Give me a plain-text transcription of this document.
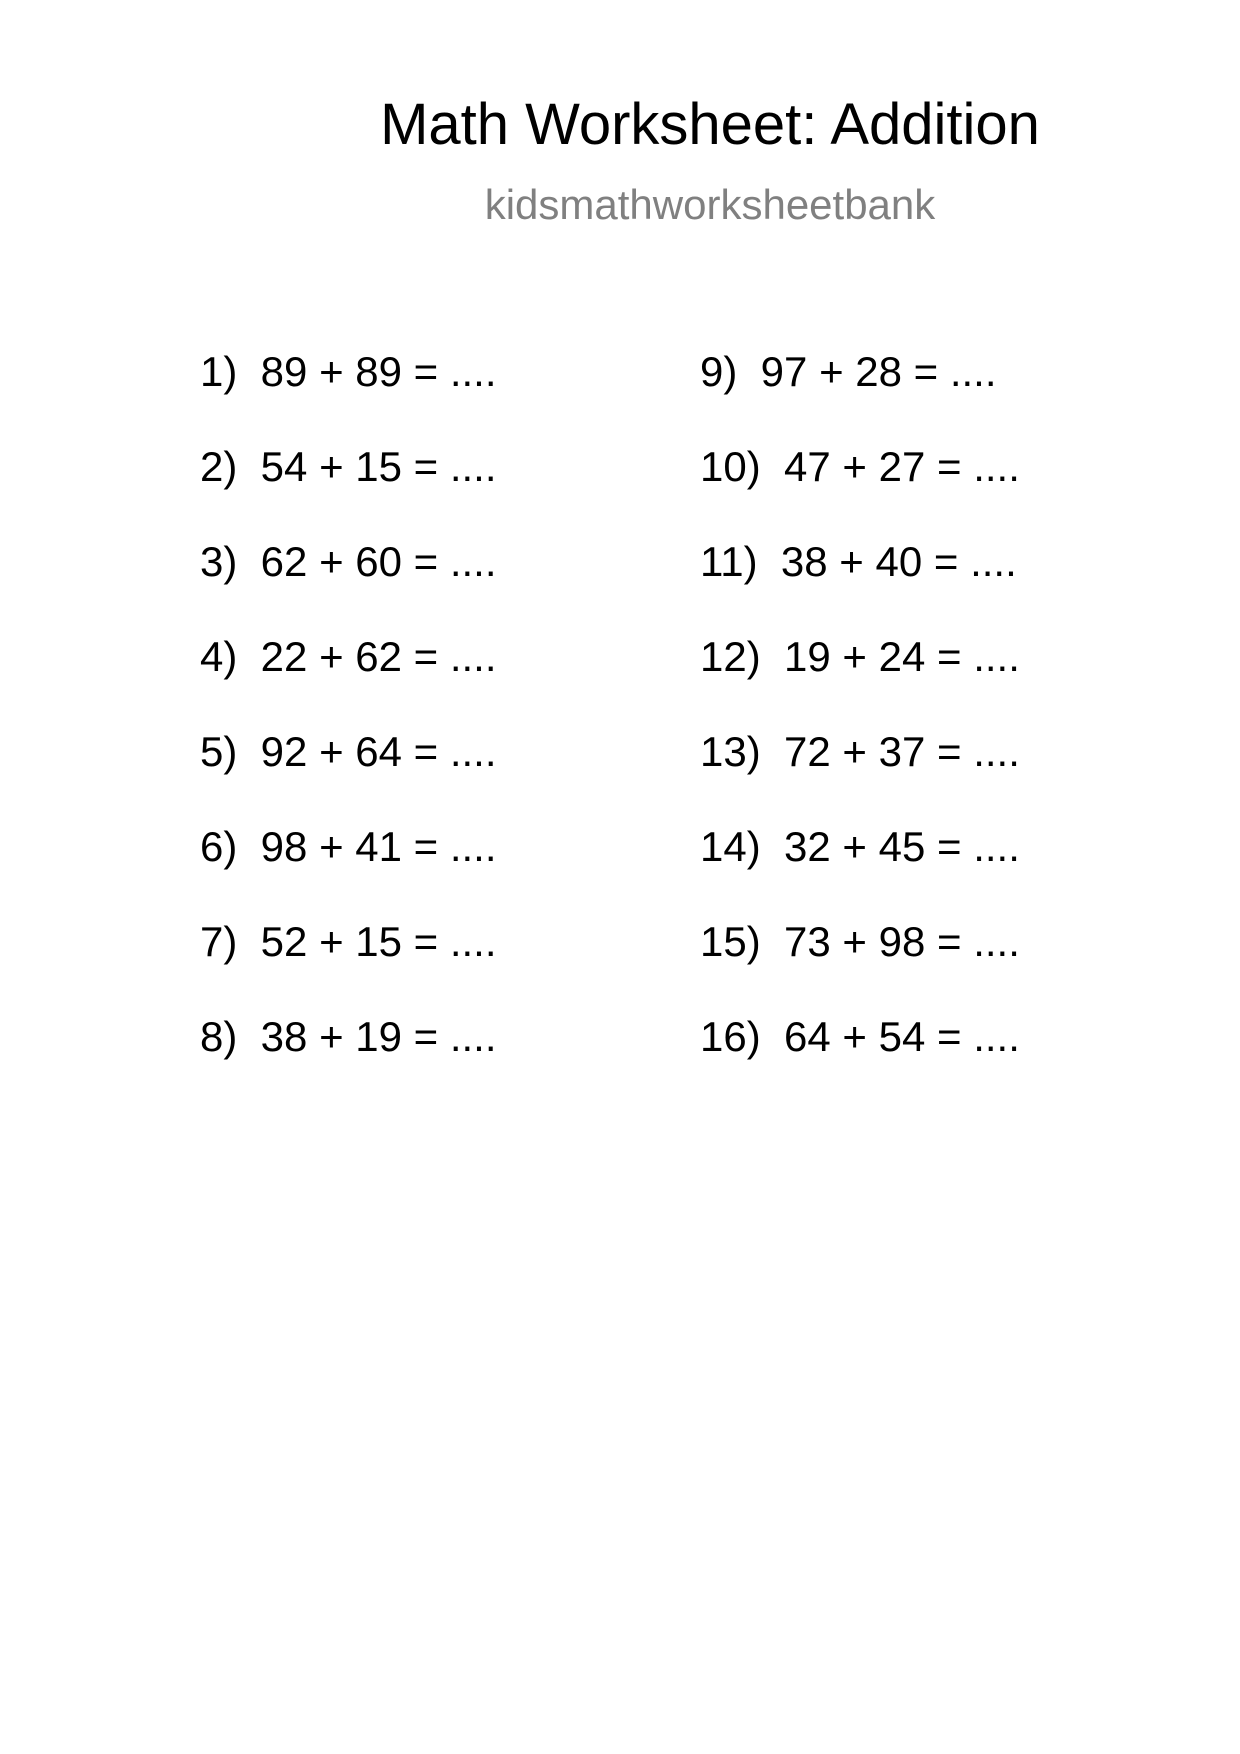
Math Worksheet: Addition
kidsmathworksheetbank
1)  89 + 89 = ....
2)  54 + 15 = ....
3)  62 + 60 = ....
4)  22 + 62 = ....
5)  92 + 64 = ....
6)  98 + 41 = ....
7)  52 + 15 = ....
8)  38 + 19 = ....
9)  97 + 28 = ....
10)  47 + 27 = ....
11)  38 + 40 = ....
12)  19 + 24 = ....
13)  72 + 37 = ....
14)  32 + 45 = ....
15)  73 + 98 = ....
16)  64 + 54 = ....
